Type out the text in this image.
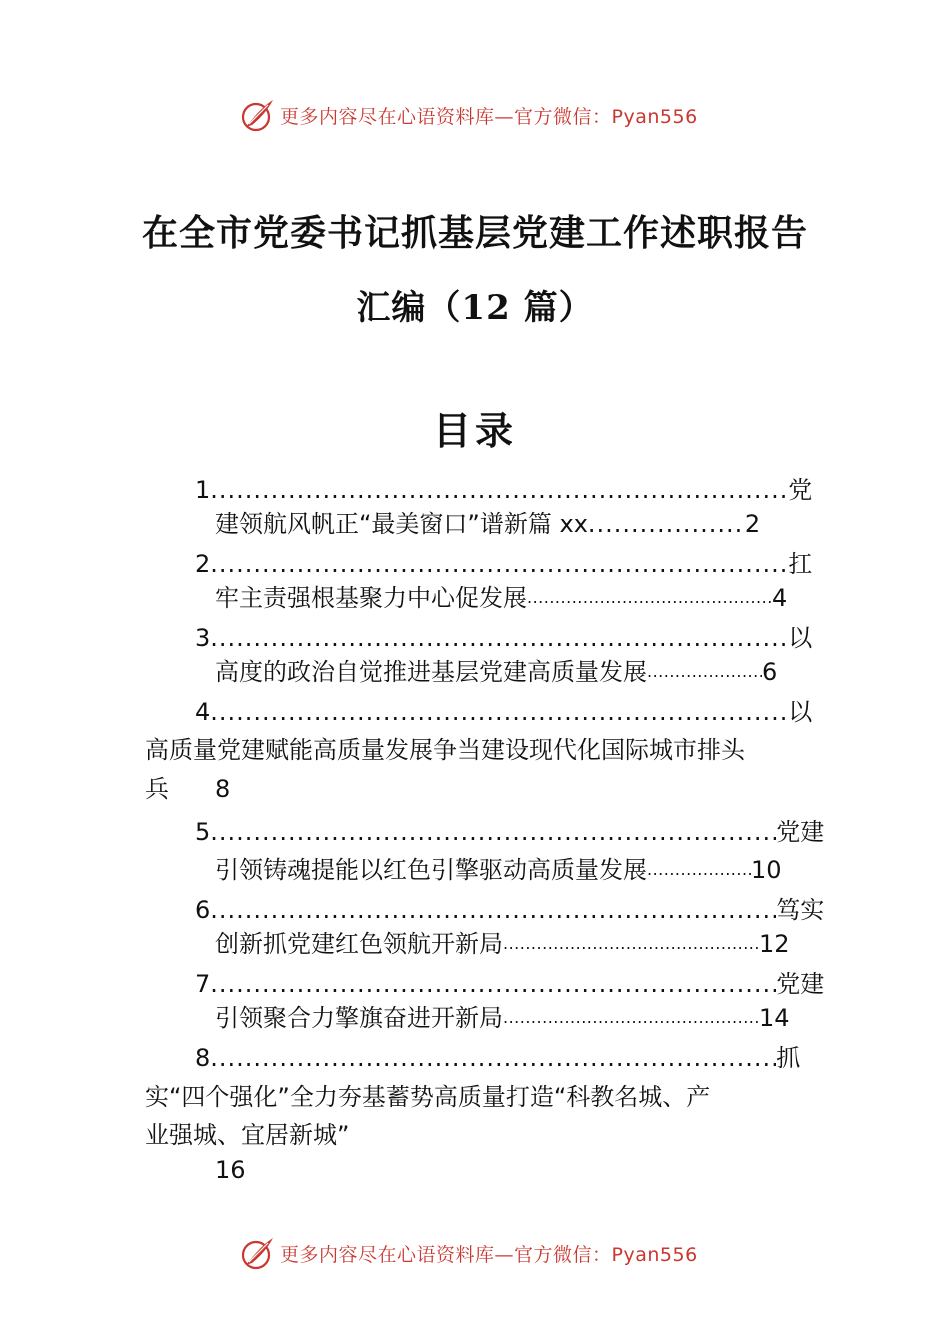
更多内容尽在心语资料库—官方微信：Pyan556
在全市党委书记抓基层党建工作述职报告
汇编（12 篇）
目录
1 .....	党
建领航风帆正“最美窗口”谱新篇 xx .....	2
2 .....	扛
牢主责强根基聚力中心促发展 .....	4
3 .....	以
高度的政治自觉推进基层党建高质量发展 .....	6
4 .....	以
高质量党建赋能高质量发展争当建设现代化国际城市排头
兵 8
5 .....	党建
引领铸魂提能以红色引擎驱动高质量发展 .....	10
6 .....	笃实
创新抓党建红色领航开新局 .....	12
7 .....	党建
引领聚合力擎旗奋进开新局 .....	14
8 .....	抓
实“四个强化”全力夯基蓄势高质量打造“科教名城、产
业强城、宜居新城”
16
更多内容尽在心语资料库—官方微信：Pyan556
